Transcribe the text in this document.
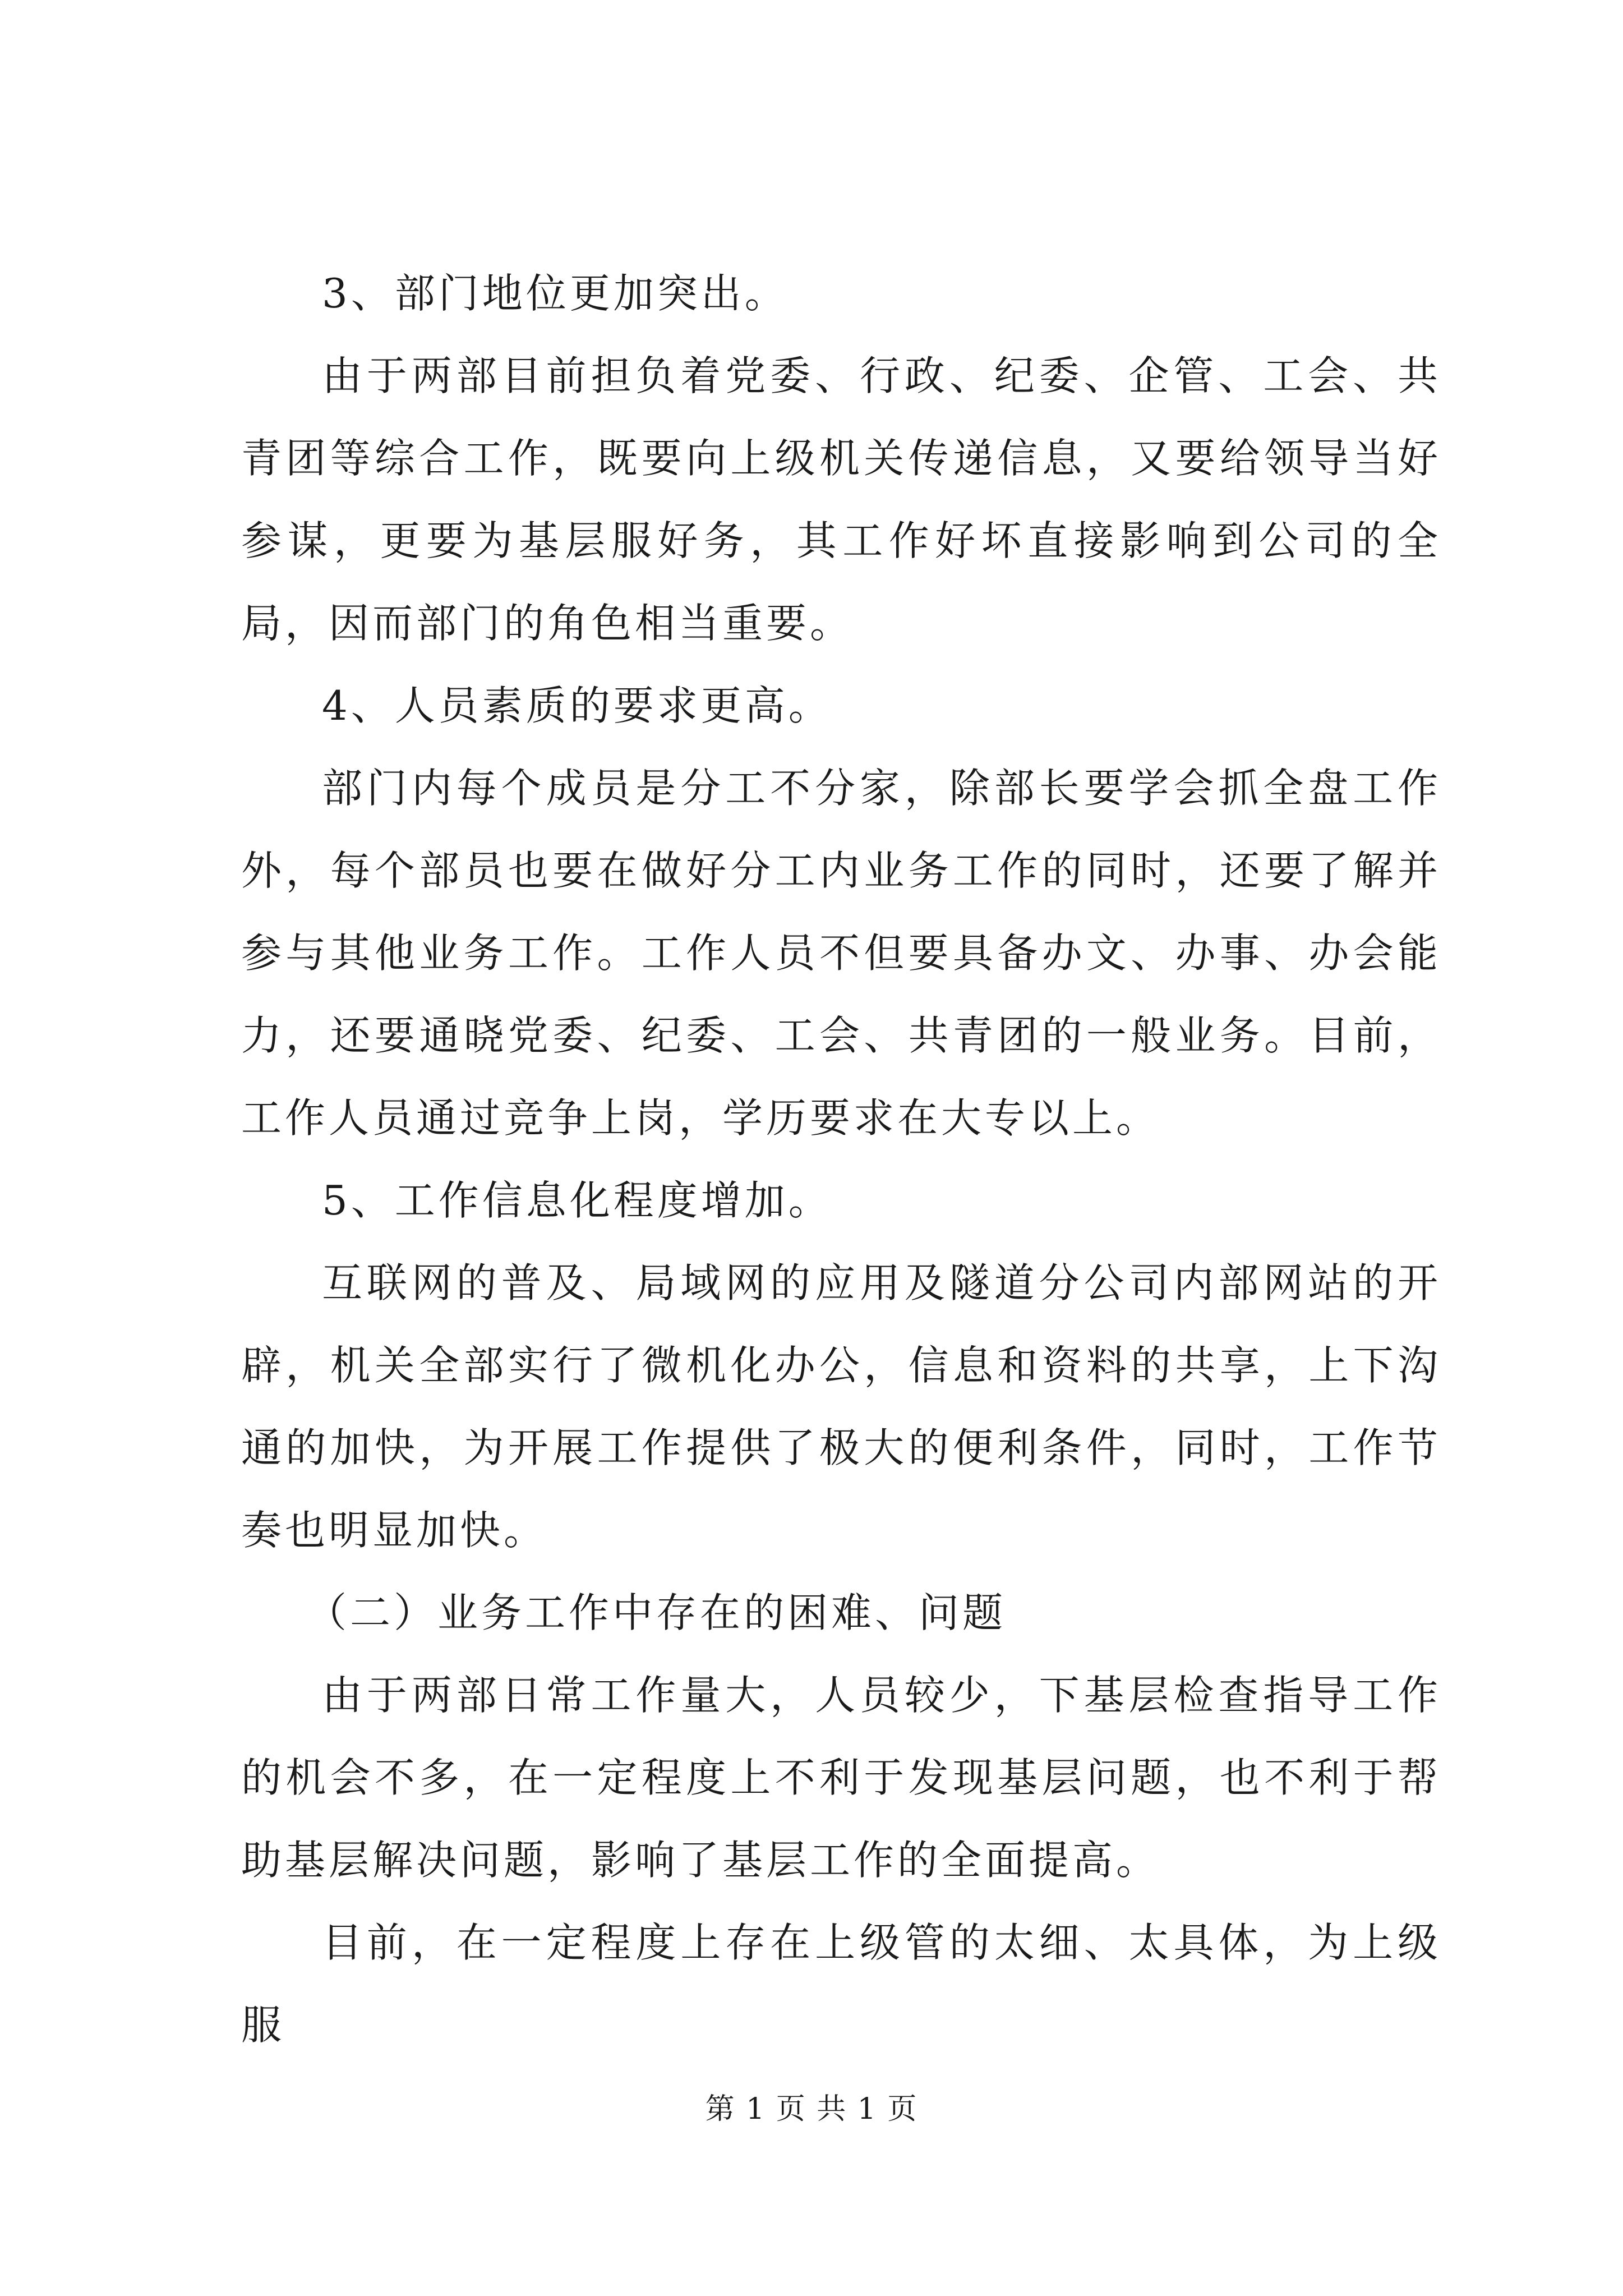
3、部门地位更加突出。

由于两部目前担负着党委、行政、纪委、企管、工会、共青团等综合工作，既要向上级机关传递信息，又要给领导当好参谋，更要为基层服好务，其工作好坏直接影响到公司的全局，因而部门的角色相当重要。

4、人员素质的要求更高。

部门内每个成员是分工不分家，除部长要学会抓全盘工作外，每个部员也要在做好分工内业务工作的同时，还要了解并参与其他业务工作。工作人员不但要具备办文、办事、办会能力，还要通晓党委、纪委、工会、共青团的一般业务。目前，工作人员通过竞争上岗，学历要求在大专以上。

5、工作信息化程度增加。

互联网的普及、局域网的应用及隧道分公司内部网站的开辟，机关全部实行了微机化办公，信息和资料的共享，上下沟通的加快，为开展工作提供了极大的便利条件，同时，工作节奏也明显加快。

（二）业务工作中存在的困难、问题

由于两部日常工作量大，人员较少，下基层检查指导工作的机会不多，在一定程度上不利于发现基层问题，也不利于帮助基层解决问题，影响了基层工作的全面提高。

目前，在一定程度上存在上级管的太细、太具体，为上级服

第 1 页 共 1 页
